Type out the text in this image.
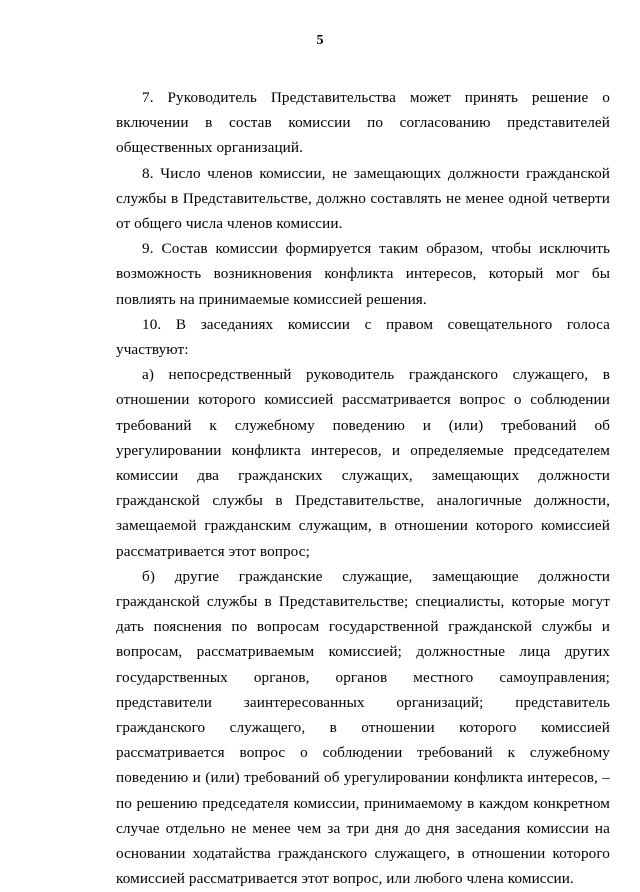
5

7. Руководитель Представительства может принять решение о включении в состав комиссии по согласованию представителей общественных организаций.

8. Число членов комиссии, не замещающих должности гражданской службы в Представительстве, должно составлять не менее одной четверти от общего числа членов комиссии.

9. Состав комиссии формируется таким образом, чтобы исключить возможность возникновения конфликта интересов, который мог бы повлиять на принимаемые комиссией решения.

10. В заседаниях комиссии с правом совещательного голоса участвуют:

а) непосредственный руководитель гражданского служащего, в отношении которого комиссией рассматривается вопрос о соблюдении требований к служебному поведению и (или) требований об урегулировании конфликта интересов, и определяемые председателем комиссии два гражданских служащих, замещающих должности гражданской службы в Представительстве, аналогичные должности, замещаемой гражданским служащим, в отношении которого комиссией рассматривается этот вопрос;

б) другие гражданские служащие, замещающие должности гражданской службы в Представительстве; специалисты, которые могут дать пояснения по вопросам государственной гражданской службы и вопросам, рассматриваемым комиссией; должностные лица других государственных органов, органов местного самоуправления; представители заинтересованных организаций; представитель гражданского служащего, в отношении которого комиссией рассматривается вопрос о соблюдении требований к служебному поведению и (или) требований об урегулировании конфликта интересов, – по решению председателя комиссии, принимаемому в каждом конкретном случае отдельно не менее чем за три дня до дня заседания комиссии на основании ходатайства гражданского служащего, в отношении которого комиссией рассматривается этот вопрос, или любого члена комиссии.
